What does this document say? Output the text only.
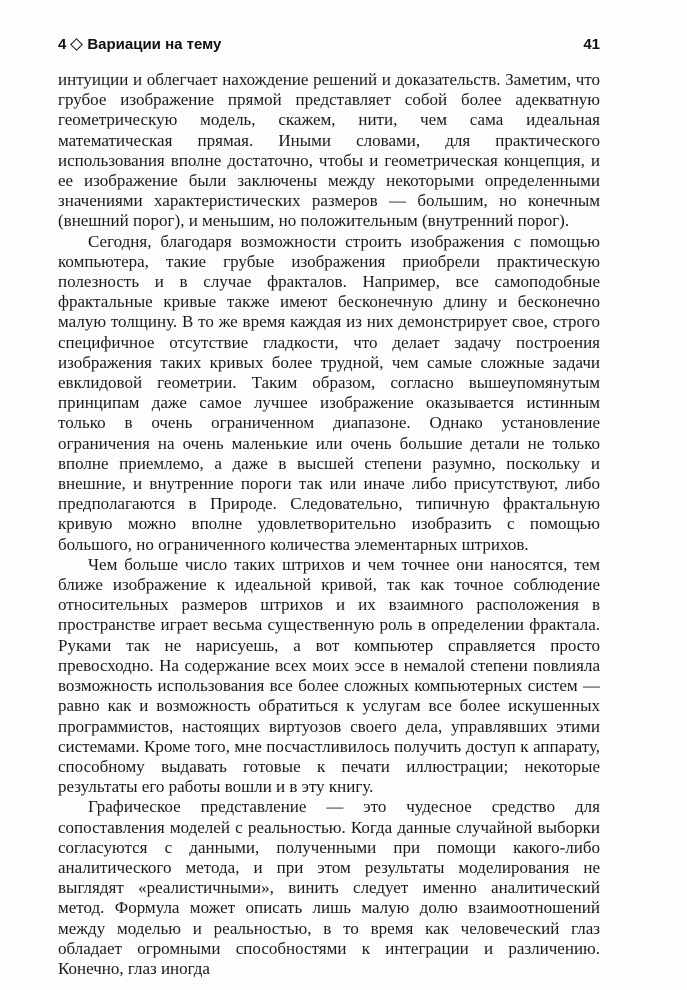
4 Вариации на тему	41

интуиции и облегчает нахождение решений и доказательств. Заметим, что грубое изображение прямой представляет собой более адекватную геометрическую модель, скажем, нити, чем сама идеальная математическая прямая. Иными словами, для практического использования вполне достаточно, чтобы и геометрическая концепция, и ее изображение были заключены между некоторыми определенными значениями характеристических размеров — большим, но конечным (внешний порог), и меньшим, но положительным (внутренний порог).

Сегодня, благодаря возможности строить изображения с помощью компьютера, такие грубые изображения приобрели практическую полезность и в случае фракталов. Например, все самоподобные фрактальные кривые также имеют бесконечную длину и бесконечно малую толщину. В то же время каждая из них демонстрирует свое, строго специфичное отсутствие гладкости, что делает задачу построения изображения таких кривых более трудной, чем самые сложные задачи евклидовой геометрии. Таким образом, согласно вышеупомянутым принципам даже самое лучшее изображение оказывается истинным только в очень ограниченном диапазоне. Однако установление ограничения на очень маленькие или очень большие детали не только вполне приемлемо, а даже в высшей степени разумно, поскольку и внешние, и внутренние пороги так или иначе либо присутствуют, либо предполагаются в Природе. Следовательно, типичную фрактальную кривую можно вполне удовлетворительно изобразить с помощью большого, но ограниченного количества элементарных штрихов.

Чем больше число таких штрихов и чем точнее они наносятся, тем ближе изображение к идеальной кривой, так как точное соблюдение относительных размеров штрихов и их взаимного расположения в пространстве играет весьма существенную роль в определении фрактала. Руками так не нарисуешь, а вот компьютер справляется просто превосходно. На содержание всех моих эссе в немалой степени повлияла возможность использования все более сложных компьютерных систем — равно как и возможность обратиться к услугам все более искушенных программистов, настоящих виртуозов своего дела, управлявших этими системами. Кроме того, мне посчастливилось получить доступ к аппарату, способному выдавать готовые к печати иллюстрации; некоторые результаты его работы вошли и в эту книгу.

Графическое представление — это чудесное средство для сопоставления моделей с реальностью. Когда данные случайной выборки согласуются с данными, полученными при помощи какого-либо аналитического метода, и при этом результаты моделирования не выглядят «реалистичными», винить следует именно аналитический метод. Формула может описать лишь малую долю взаимоотношений между моделью и реальностью, в то время как человеческий глаз обладает огромными способностями к интеграции и различению. Конечно, глаз иногда
